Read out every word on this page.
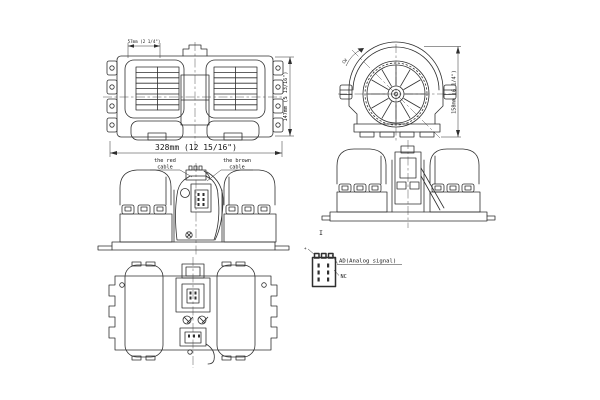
57mm (2 1/4")
147mm (5 13/16")
328mm (12 15/16")
CW
158mm (6 1/4")
the red
cable
the brown
cable
I
+
AD(Analog signal)
NC
